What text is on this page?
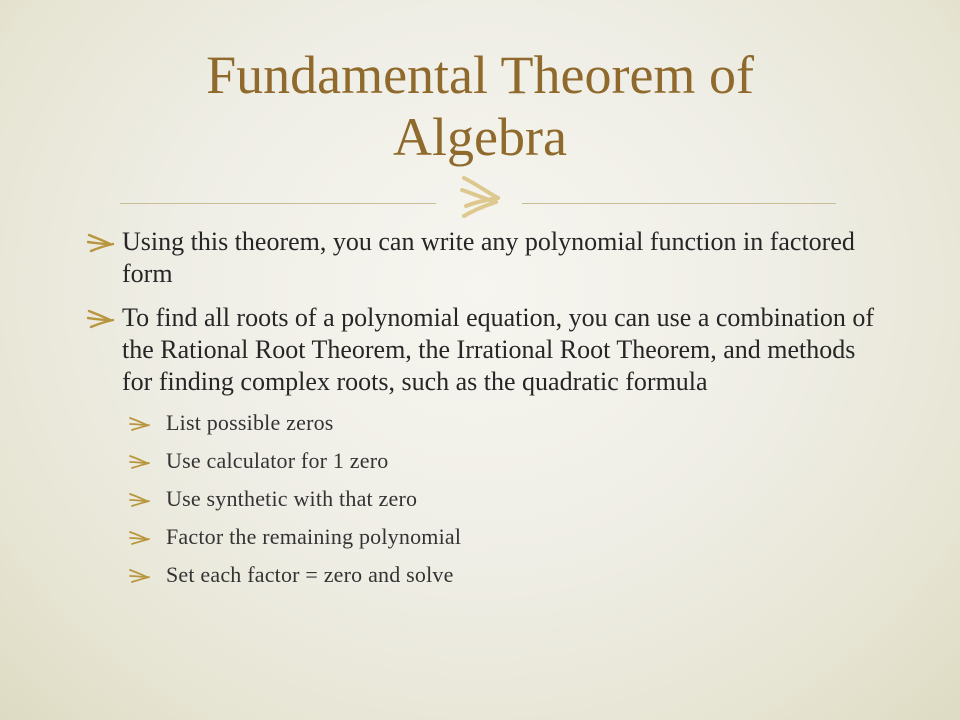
Fundamental Theorem of Algebra
Using this theorem, you can write any polynomial function in factored form
To find all roots of a polynomial equation, you can use a combination of the Rational Root Theorem, the Irrational Root Theorem, and methods for finding complex roots, such as the quadratic formula
List possible zeros
Use calculator for 1 zero
Use synthetic with that zero
Factor the remaining polynomial
Set each factor = zero and solve
